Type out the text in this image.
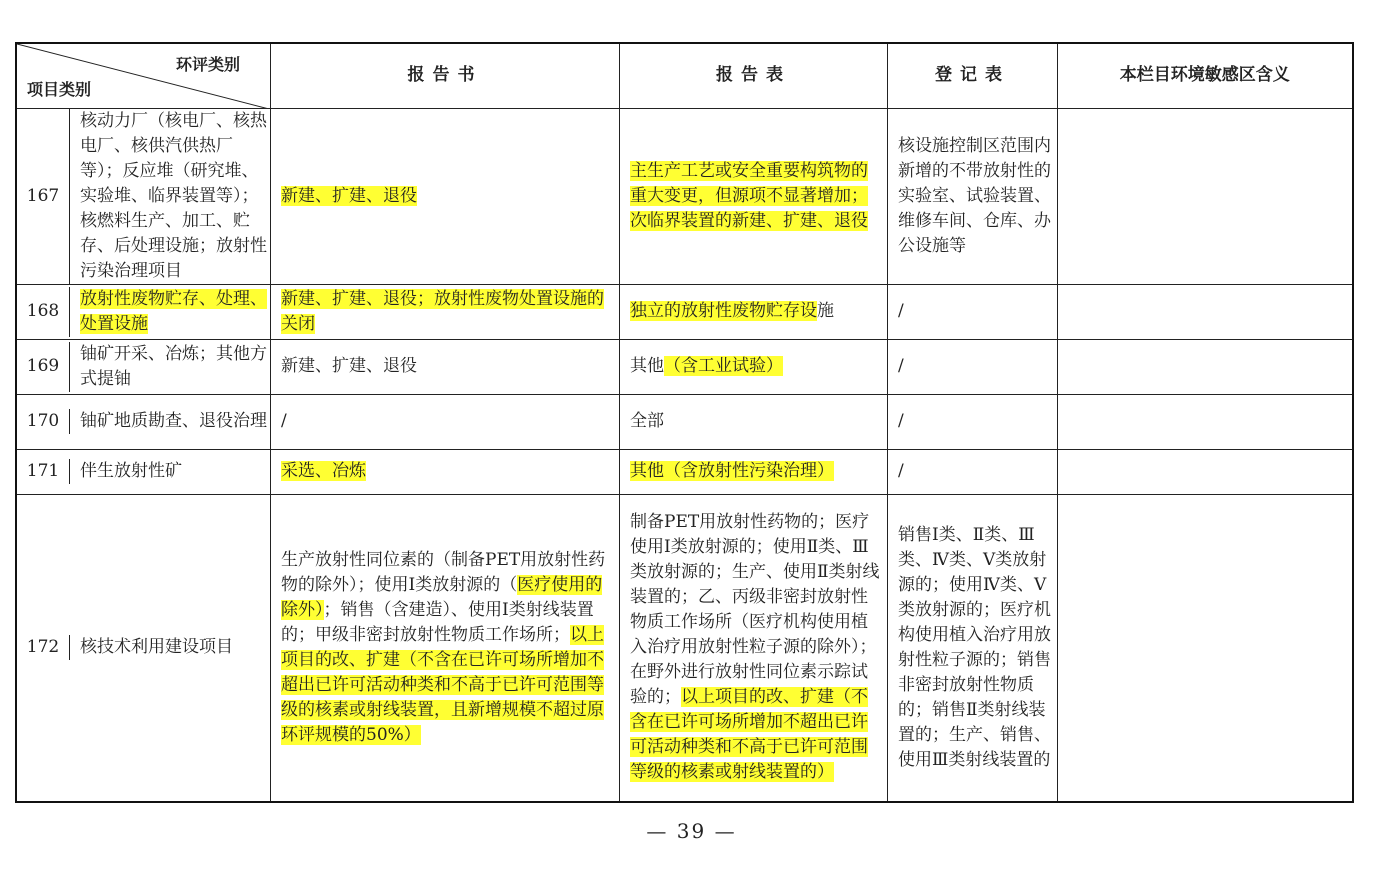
环评类别
项目类别	报告书	报告表	登记表	本栏目环境敏感区含义

167
核动力厂（核电厂、核热电厂、核供汽供热厂等）；反应堆（研究堆、实验堆、临界装置等）；核燃料生产、加工、贮存、后处理设施；放射性污染治理项目	新建、扩建、退役	主生产工艺或安全重要构筑物的重大变更，但源项不显著增加；次临界装置的新建、扩建、退役	核设施控制区范围内新增的不带放射性的实验室、试验装置、维修车间、仓库、办公设施等	

168
放射性废物贮存、处理、处置设施	新建、扩建、退役；放射性废物处置设施的关闭	独立的放射性废物贮存设施	/	

169
铀矿开采、冶炼；其他方式提铀	新建、扩建、退役	其他（含工业试验）	/	

170 铀矿地质勘查、退役治理	/	全部	/	

171 伴生放射性矿	采选、冶炼	其他（含放射性污染治理）	/	

172 核技术利用建设项目	生产放射性同位素的（制备PET用放射性药物的除外）；使用I类放射源的（医疗使用的除外）；销售（含建造）、使用I类射线装置的；甲级非密封放射性物质工作场所；以上项目的改、扩建（不含在已许可场所增加不超出已许可活动种类和不高于已许可范围等级的核素或射线装置，且新增规模不超过原环评规模的50%）	制备PET用放射性药物的；医疗使用Ⅰ类放射源的；使用Ⅱ类、Ⅲ类放射源的；生产、使用Ⅱ类射线装置的；乙、丙级非密封放射性物质工作场所（医疗机构使用植入治疗用放射性粒子源的除外）；在野外进行放射性同位素示踪试验的；以上项目的改、扩建（不含在已许可场所增加不超出已许可活动种类和不高于已许可范围等级的核素或射线装置的）	销售Ⅰ类、Ⅱ类、Ⅲ类、Ⅳ类、Ⅴ类放射源的；使用Ⅳ类、Ⅴ类放射源的；医疗机构使用植入治疗用放射性粒子源的；销售非密封放射性物质的；销售Ⅱ类射线装置的；生产、销售、使用Ⅲ类射线装置的	
— 39 —
